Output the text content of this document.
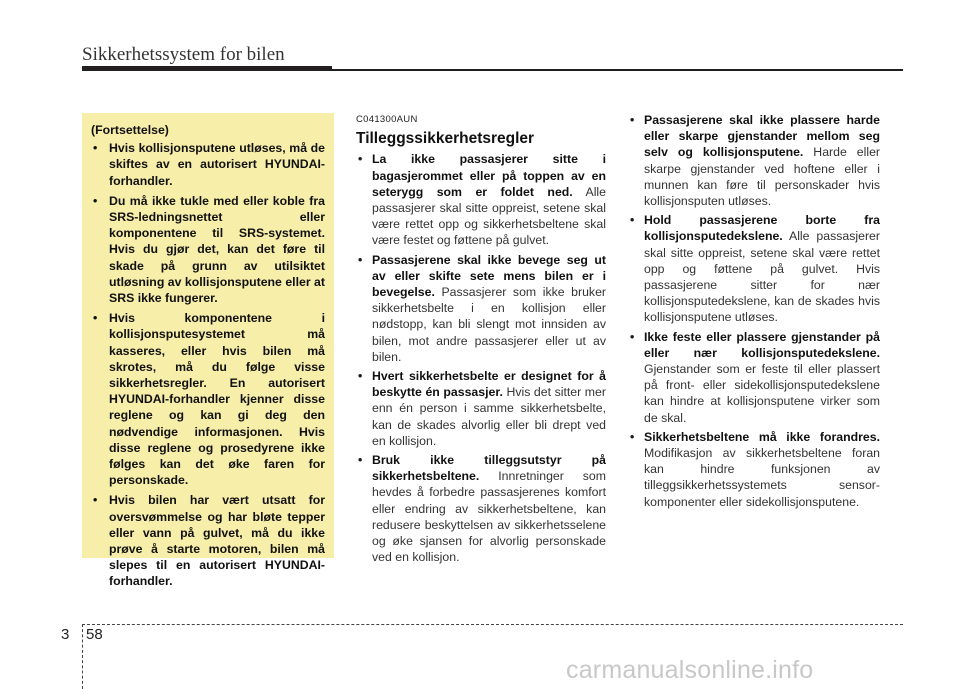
Sikkerhetssystem for bilen
(Fortsettelse)
• Hvis kollisjonsputene utløses, må de skiftes av en autorisert HYUNDAI-forhandler.
• Du må ikke tukle med eller koble fra SRS-ledningsnettet eller komponentene til SRS-systemet. Hvis du gjør det, kan det føre til skade på grunn av utilsiktet utløsning av kollisjonsputene eller at SRS ikke fungerer.
• Hvis komponentene i kollisjonsputesystemet må kasseres, eller hvis bilen må skrotes, må du følge visse sikkerhetsregler. En autorisert HYUNDAI-forhandler kjenner disse reglene og kan gi deg den nødvendige informasjonen. Hvis disse reglene og prosedyrene ikke følges kan det øke faren for personskade.
• Hvis bilen har vært utsatt for oversvømmelse og har bløte tepper eller vann på gulvet, må du ikke prøve å starte motoren, bilen må slepes til en autorisert HYUNDAI-forhandler.
C041300AUN
Tilleggssikkerhetsregler
• La ikke passasjerer sitte i bagasjerommet eller på toppen av en seterygg som er foldet ned. Alle passasjerer skal sitte oppreist, setene skal være rettet opp og sikkerhetsbeltene skal være festet og føttene på gulvet.
• Passasjerene skal ikke bevege seg ut av eller skifte sete mens bilen er i bevegelse. Passasjerer som ikke bruker sikkerhetsbelte i en kollisjon eller nødstopp, kan bli slengt mot innsiden av bilen, mot andre passasjerer eller ut av bilen.
• Hvert sikkerhetsbelte er designet for å beskytte én passasjer. Hvis det sitter mer enn én person i samme sikkerhetsbelte, kan de skades alvorlig eller bli drept ved en kollisjon.
• Bruk ikke tilleggsutstyr på sikkerhetsbeltene. Innretninger som hevdes å forbedre passasjerenes komfort eller endring av sikkerhetsbeltene, kan redusere beskyttelsen av sikkerhetsselene og øke sjansen for alvorlig personskade ved en kollisjon.
• Passasjerene skal ikke plassere harde eller skarpe gjenstander mellom seg selv og kollisjonsputene. Harde eller skarpe gjenstander ved hoftene eller i munnen kan føre til personskader hvis kollisjonsputen utløses.
• Hold passasjerene borte fra kollisjonsputedekslene. Alle passasjerer skal sitte oppreist, setene skal være rettet opp og føttene på gulvet. Hvis passasjerene sitter for nær kollisjonsputedekslene, kan de skades hvis kollisjonsputene utløses.
• Ikke feste eller plassere gjenstander på eller nær kollisjonsputedekslene. Gjenstander som er feste til eller plassert på front- eller sidekollisjonsputedekslene kan hindre at kollisjonsputene virker som de skal.
• Sikkerhetsbeltene må ikke forandres. Modifikasjon av sikkerhetsbeltene foran kan hindre funksjonen av tilleggsikkerhetssystemets sensor-komponenter eller sidekollisjonsputene.
3 58
carmanualsonline.info
